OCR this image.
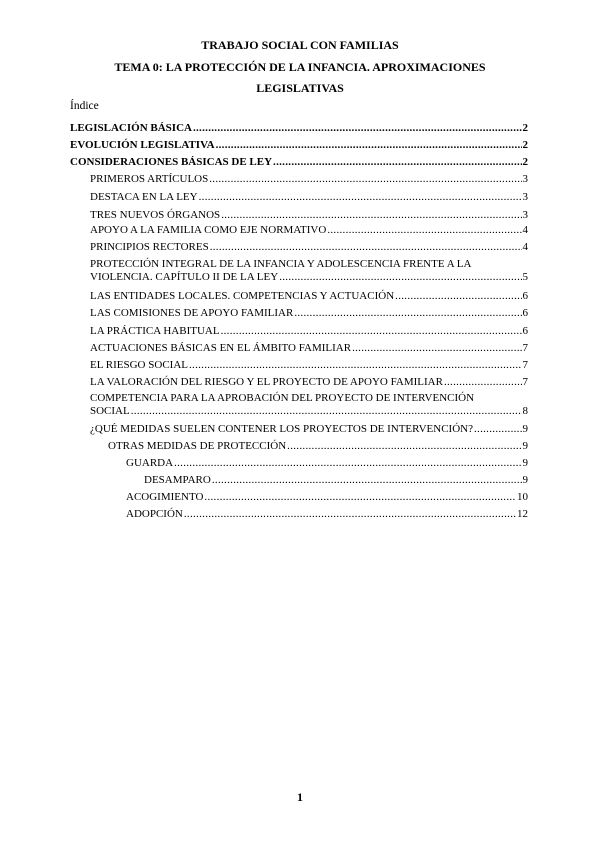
TRABAJO SOCIAL CON FAMILIAS
TEMA 0: LA PROTECCIÓN DE LA INFANCIA. APROXIMACIONES
LEGISLATIVAS
Índice
LEGISLACIÓN BÁSICA .....	2
EVOLUCIÓN LEGISLATIVA .....	2
CONSIDERACIONES BÁSICAS DE LEY .....	2
PRIMEROS ARTÍCULOS .....	3
DESTACA EN LA LEY .....	3
TRES NUEVOS ÓRGANOS .....	3
APOYO A LA FAMILIA COMO EJE NORMATIVO .....	4
PRINCIPIOS RECTORES .....	4
PROTECCIÓN INTEGRAL DE LA INFANCIA Y ADOLESCENCIA FRENTE A LA
VIOLENCIA. CAPÍTULO II DE LA LEY .....	5
LAS ENTIDADES LOCALES. COMPETENCIAS Y ACTUACIÓN .....	6
LAS COMISIONES DE APOYO FAMILIAR .....	6
LA PRÁCTICA HABITUAL .....	6
ACTUACIONES BÁSICAS EN EL ÁMBITO FAMILIAR .....	7
EL RIESGO SOCIAL .....	7
LA VALORACIÓN DEL RIESGO Y EL PROYECTO DE APOYO FAMILIAR .....	7
COMPETENCIA PARA LA APROBACIÓN DEL PROYECTO DE INTERVENCIÓN
SOCIAL .....	8
¿QUÉ MEDIDAS SUELEN CONTENER LOS PROYECTOS DE INTERVENCIÓN? .....	9
OTRAS MEDIDAS DE PROTECCIÓN .....	9
GUARDA .....	9
DESAMPARO .....	9
ACOGIMIENTO .....	10
ADOPCIÓN .....	12
1
